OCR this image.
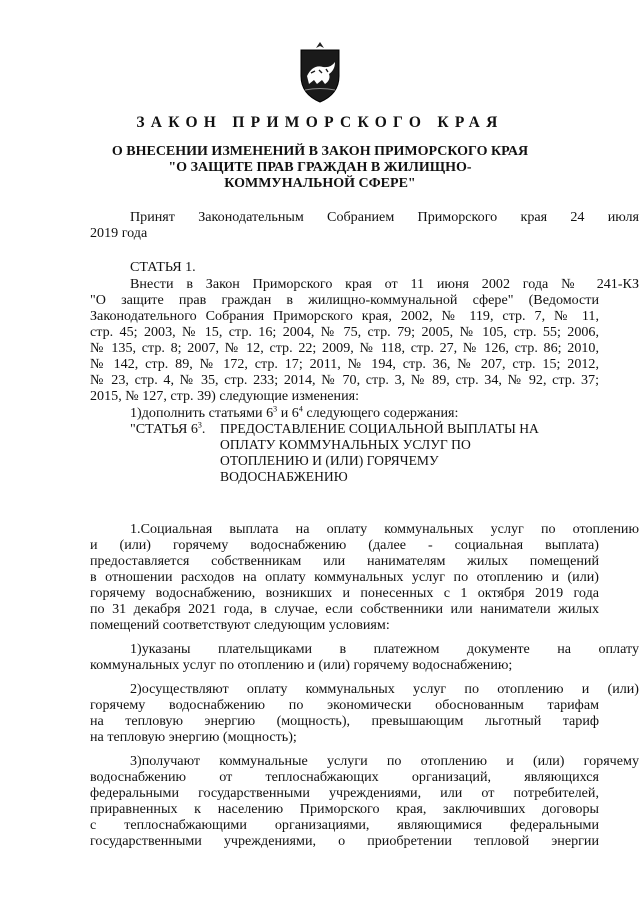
ЗАКОН ПРИМОРСКОГО КРАЯ
О ВНЕСЕНИИ ИЗМЕНЕНИЙ В ЗАКОН ПРИМОРСКОГО КРАЯ
"О ЗАЩИТЕ ПРАВ ГРАЖДАН В ЖИЛИЩНО-
КОММУНАЛЬНОЙ СФЕРЕ"
Принят Законодательным Собранием Приморского края 24 июля
2019 года
СТАТЬЯ 1.
Внести в Закон Приморского края от 11 июня 2002 года № 241-КЗ
"О защите прав граждан в жилищно-коммунальной сфере" (Ведомости
Законодательного Собрания Приморского края, 2002, № 119, стр. 7, № 11,
стр. 45; 2003, № 15, стр. 16; 2004, № 75, стр. 79; 2005, № 105, стр. 55; 2006,
№ 135, стр. 8; 2007, № 12, стр. 22; 2009, № 118, стр. 27, № 126, стр. 86; 2010,
№ 142, стр. 89, № 172, стр. 17; 2011, № 194, стр. 36, № 207, стр. 15; 2012,
№ 23, стр. 4, № 35, стр. 233; 2014, № 70, стр. 3, № 89, стр. 34, № 92, стр. 37;
2015, № 127, стр. 39) следующие изменения:
1)дополнить статьями $6^3$ и $6^4$ следующего содержания:
"СТАТЬЯ $6^3$.	ПРЕДОСТАВЛЕНИЕ СОЦИАЛЬНОЙ ВЫПЛАТЫ НА
ОПЛАТУ КОММУНАЛЬНЫХ УСЛУГ ПО
ОТОПЛЕНИЮ И (ИЛИ) ГОРЯЧЕМУ
ВОДОСНАБЖЕНИЮ
1.Социальная выплата на оплату коммунальных услуг по отоплению
и (или) горячему водоснабжению (далее - социальная выплата)
предоставляется собственникам или нанимателям жилых помещений
в отношении расходов на оплату коммунальных услуг по отоплению и (или)
горячему водоснабжению, возникших и понесенных с 1 октября 2019 года
по 31 декабря 2021 года, в случае, если собственники или наниматели жилых
помещений соответствуют следующим условиям:
1)указаны плательщиками в платежном документе на оплату
коммунальных услуг по отоплению и (или) горячему водоснабжению;
2)осуществляют оплату коммунальных услуг по отоплению и (или)
горячему водоснабжению по экономически обоснованным тарифам
на тепловую энергию (мощность), превышающим льготный тариф
на тепловую энергию (мощность);
3)получают коммунальные услуги по отоплению и (или) горячему
водоснабжению от теплоснабжающих организаций, являющихся
федеральными государственными учреждениями, или от потребителей,
приравненных к населению Приморского края, заключивших договоры
с теплоснабжающими организациями, являющимися федеральными
государственными учреждениями, о приобретении тепловой энергии
